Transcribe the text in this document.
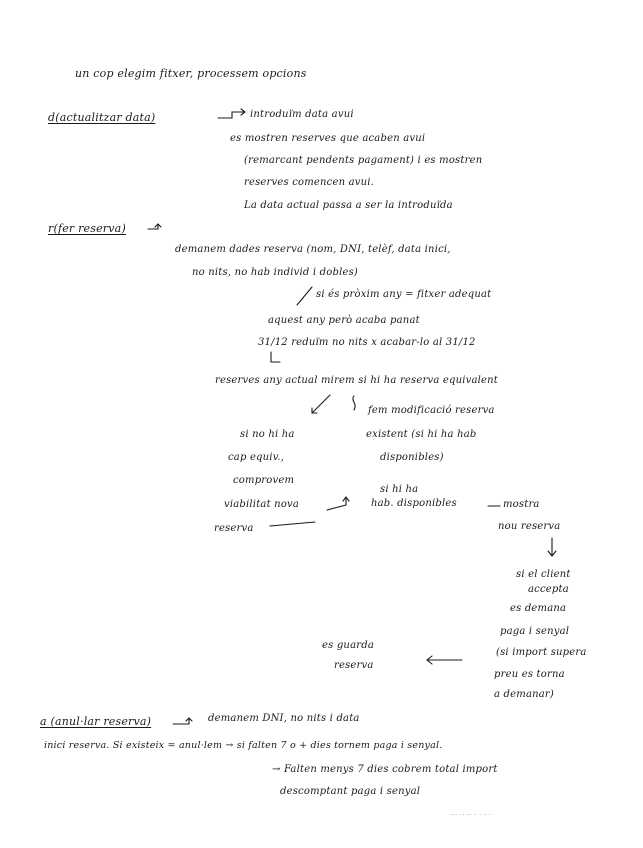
un cop elegim fitxer, processem opcions
d(actualitzar data)	introduïm data avui
es mostren reserves que acaben avui
(remarcant pendents pagament) i es mostren
reserves comencen avui.
La data actual passa a ser la introduïda
r(fer reserva)
demanem dades reserva (nom, DNI, telèf, data inici,
no nits, no hab individ i dobles)
si és pròxim any = fitxer adequat
aquest any però acaba panat
31/12 reduïm no nits x acabar-lo al 31/12
reserves any actual mirem si hi ha reserva equivalent
si no hi ha
cap equiv.,
comprovem
viabilitat nova
reserva
fem modificació reserva
existent (si hi ha hab
disponibles)
si hi ha
hab. disponibles	mostra
nou reserva
si el client
accepta
es demana
paga i senyal
(si import supera
preu es torna
a demanar)
es guarda
reserva
a (anul·lar reserva)	demanem DNI, no nits i data
inici reserva. Si existeix = anul·lem → si falten 7 o + dies tornem paga i senyal.
→ Falten menys 7 dies cobrem total import
descomptant paga i senyal
··· ·· ·· · · · ·
